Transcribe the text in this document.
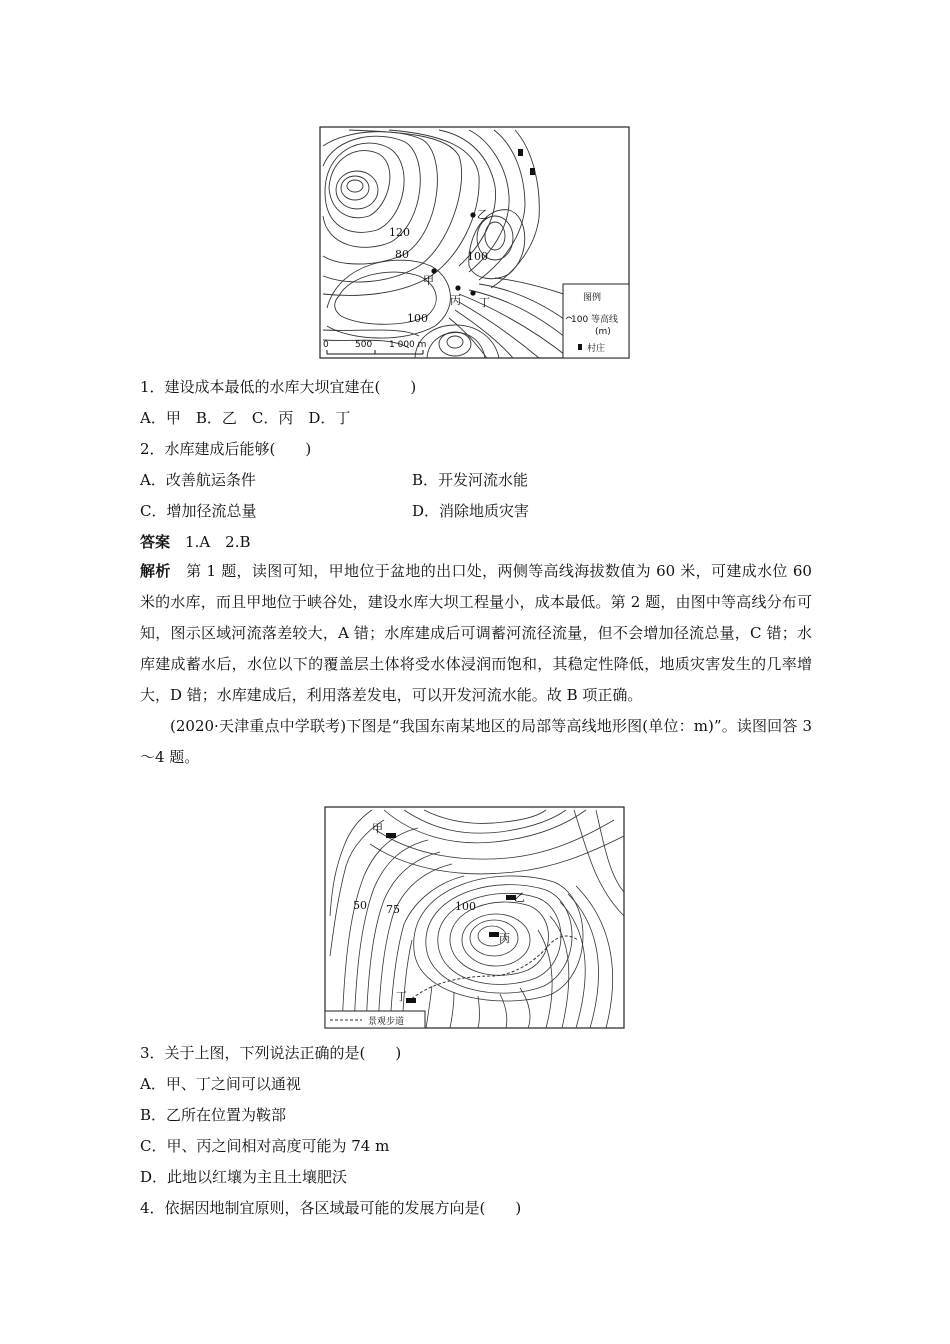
乙
甲
丙 丁
120
80	100
100
0	500 1 000 m
图例
100 等高线
(m)
村庄
1．建设成本最低的水库大坝宜建在(　　)
A．甲　B．乙　C．丙　D．丁
2．水库建成后能够(　　)
A．改善航运条件	B．开发河流水能
C．增加径流总量	D．消除地质灾害
答案　 1.A　2.B
解析　 第 1 题，读图可知，甲地位于盆地的出口处，两侧等高线海拔数值为 60 米，可建成水位 60 米的水库，而且甲地位于峡谷处，建设水库大坝工程量小，成本最低。第 2 题，由图中等高线分布可知，图示区域河流落差较大，A 错；水库建成后可调蓄河流径流量，但不会增加径流总量，C 错；水库建成蓄水后，水位以下的覆盖层土体将受水体浸润而饱和，其稳定性降低，地质灾害发生的几率增大，D 错；水库建成后，利用落差发电，可以开发河流水能。故 B 项正确。
(2020·天津重点中学联考)下图是“我国东南某地区的局部等高线地形图(单位：m)”。读图回答 3～4 题。
甲
乙
丙
丁
50 75	100
景观步道
3．关于上图，下列说法正确的是(　　)
A．甲、丁之间可以通视
B．乙所在位置为鞍部
C．甲、丙之间相对高度可能为 74 m
D．此地以红壤为主且土壤肥沃
4．依据因地制宜原则，各区域最可能的发展方向是(　　)
